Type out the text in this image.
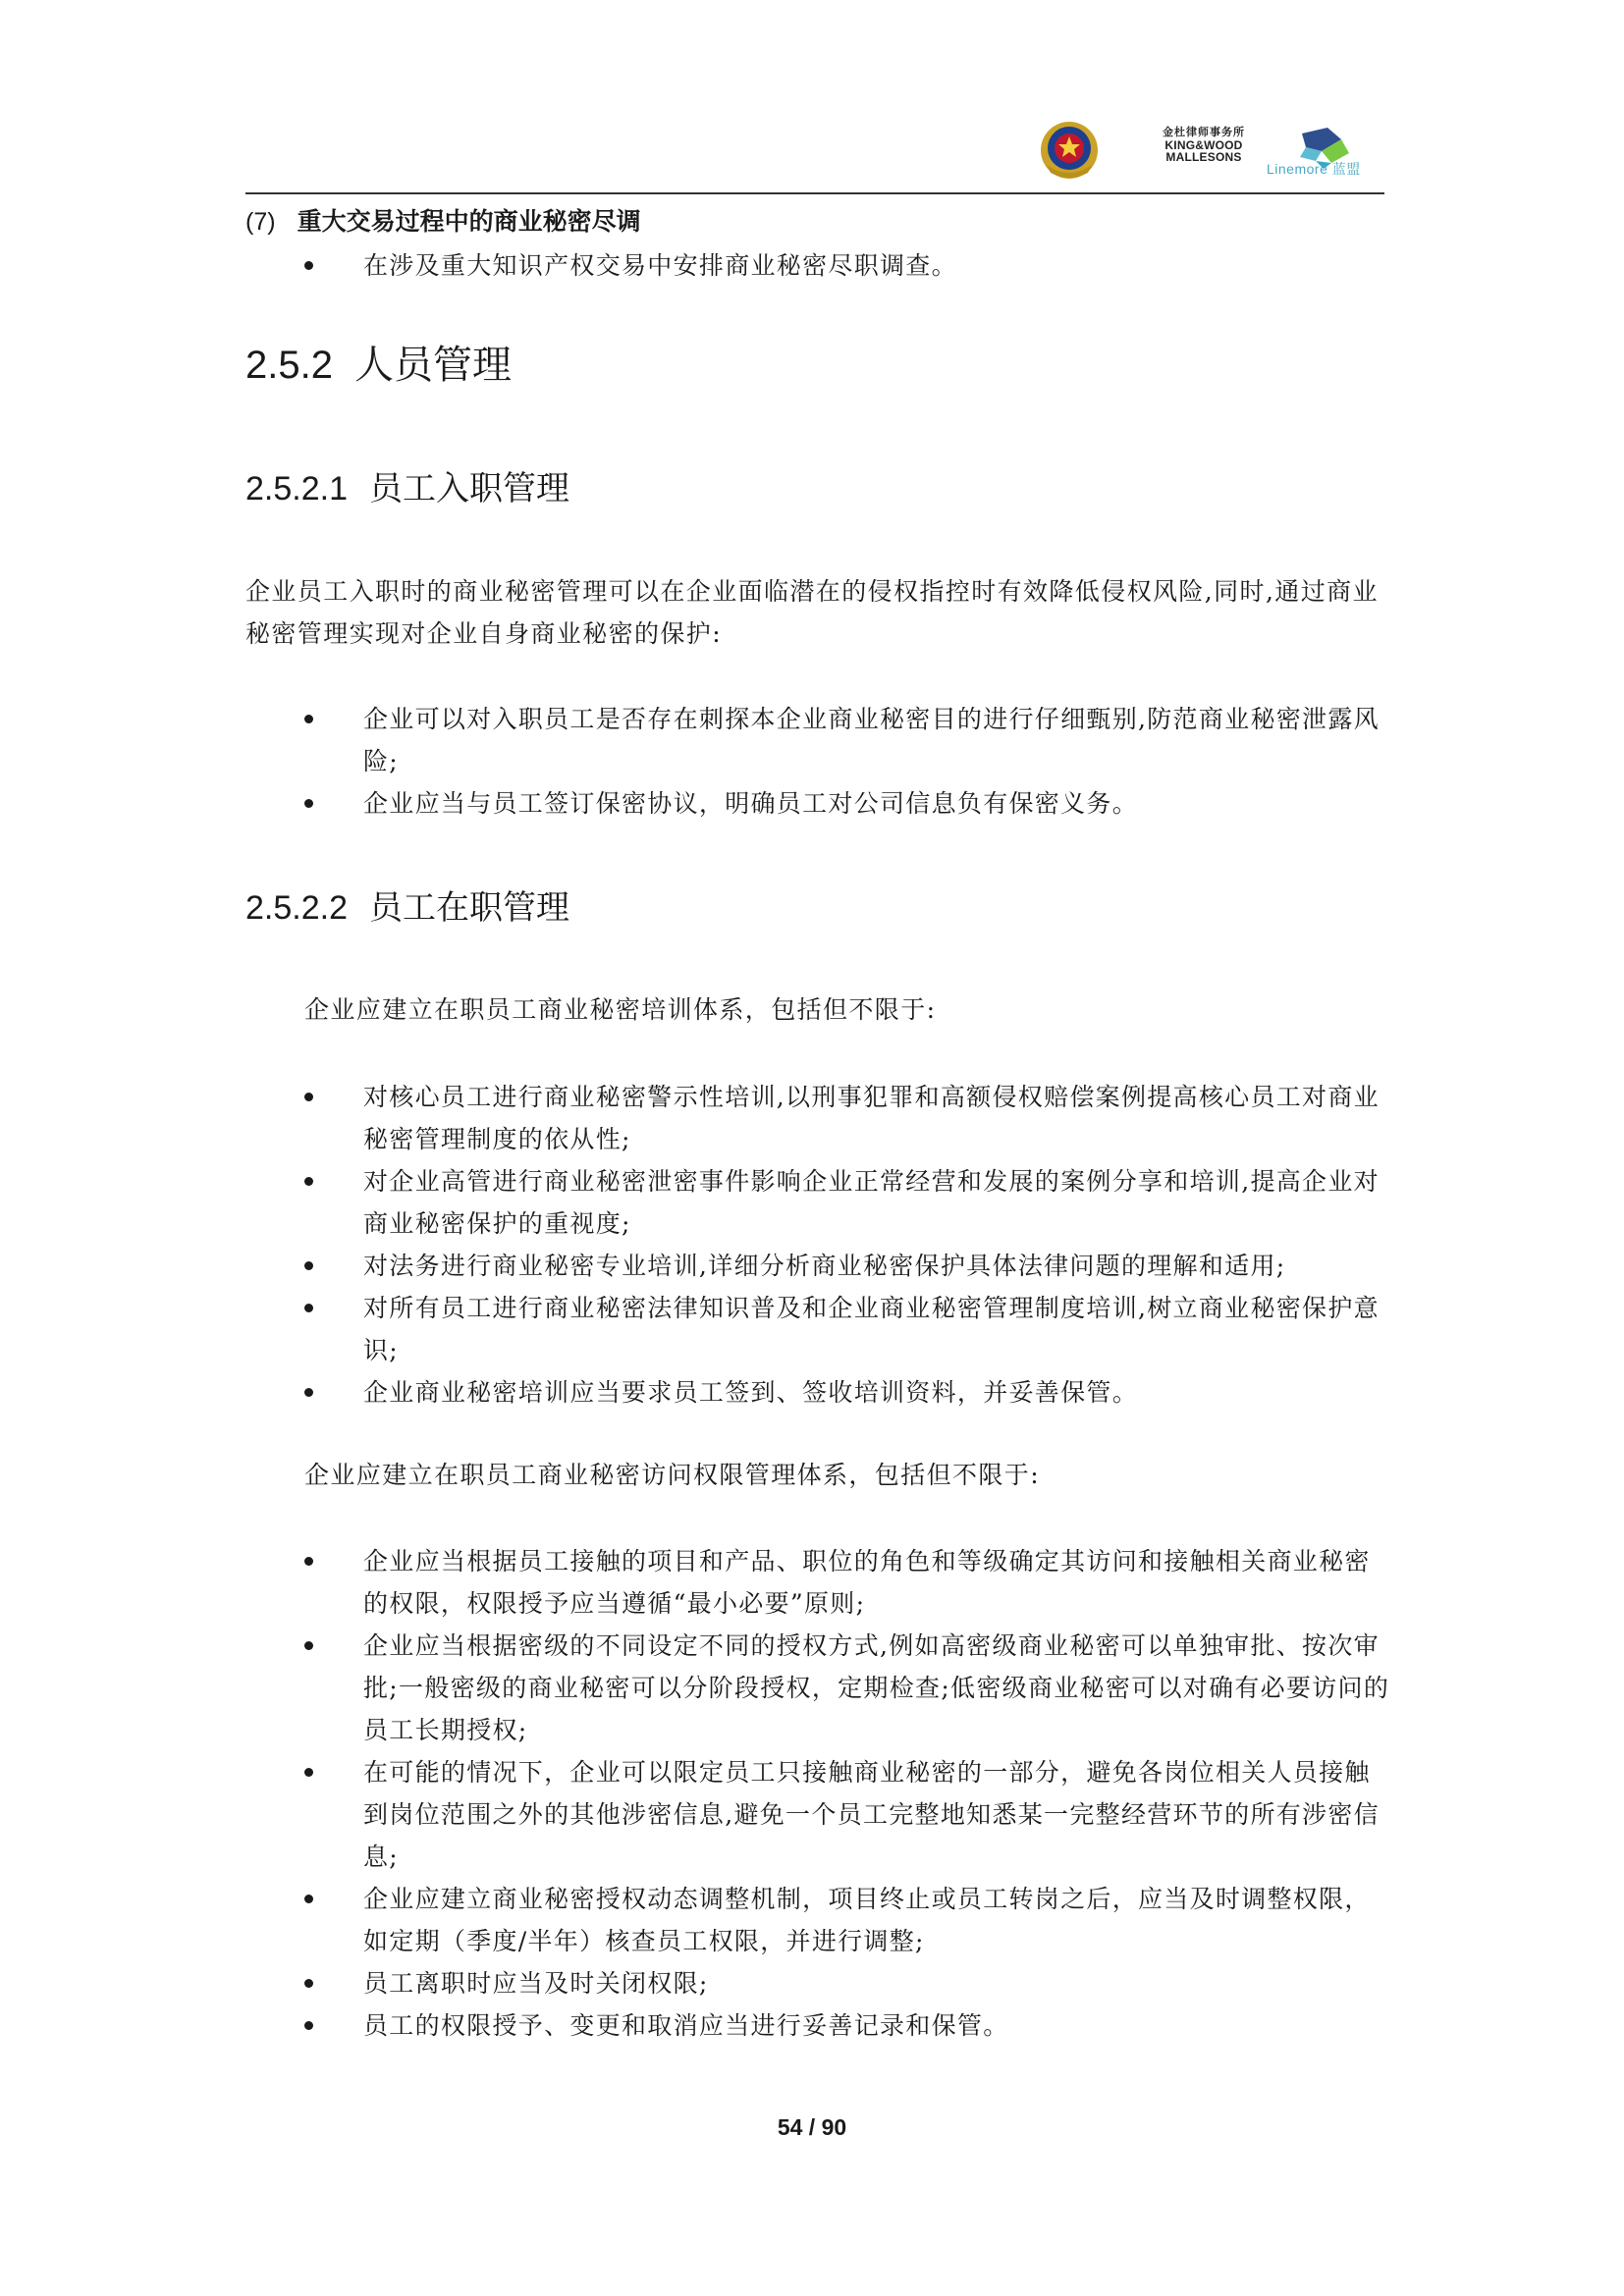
金杜律师事务所
KING&WOOD
MALLESONS
Linemore 蓝盟
(7) 重大交易过程中的商业秘密尽调
在涉及重大知识产权交易中安排商业秘密尽职调查。
2.5.2 人员管理
2.5.2.1 员工入职管理
企业员工入职时的商业秘密管理可以在企业面临潜在的侵权指控时有效降低侵权风险,同时,通过商业秘密管理实现对企业自身商业秘密的保护:
企业可以对入职员工是否存在刺探本企业商业秘密目的进行仔细甄别,防范商业秘密泄露风险;
企业应当与员工签订保密协议，明确员工对公司信息负有保密义务。
2.5.2.2 员工在职管理
企业应建立在职员工商业秘密培训体系，包括但不限于:
对核心员工进行商业秘密警示性培训,以刑事犯罪和高额侵权赔偿案例提高核心员工对商业秘密管理制度的依从性;
对企业高管进行商业秘密泄密事件影响企业正常经营和发展的案例分享和培训,提高企业对商业秘密保护的重视度;
对法务进行商业秘密专业培训,详细分析商业秘密保护具体法律问题的理解和适用;
对所有员工进行商业秘密法律知识普及和企业商业秘密管理制度培训,树立商业秘密保护意识;
企业商业秘密培训应当要求员工签到、签收培训资料，并妥善保管。
企业应建立在职员工商业秘密访问权限管理体系，包括但不限于:
企业应当根据员工接触的项目和产品、职位的角色和等级确定其访问和接触相关商业秘密的权限，权限授予应当遵循“最小必要”原则;
企业应当根据密级的不同设定不同的授权方式,例如高密级商业秘密可以单独审批、按次审批;一般密级的商业秘密可以分阶段授权，定期检查;低密级商业秘密可以对确有必要访问的员工长期授权;
在可能的情况下，企业可以限定员工只接触商业秘密的一部分，避免各岗位相关人员接触到岗位范围之外的其他涉密信息,避免一个员工完整地知悉某一完整经营环节的所有涉密信息;
企业应建立商业秘密授权动态调整机制，项目终止或员工转岗之后，应当及时调整权限，如定期（季度/半年）核查员工权限，并进行调整;
员工离职时应当及时关闭权限;
员工的权限授予、变更和取消应当进行妥善记录和保管。
54 / 90
